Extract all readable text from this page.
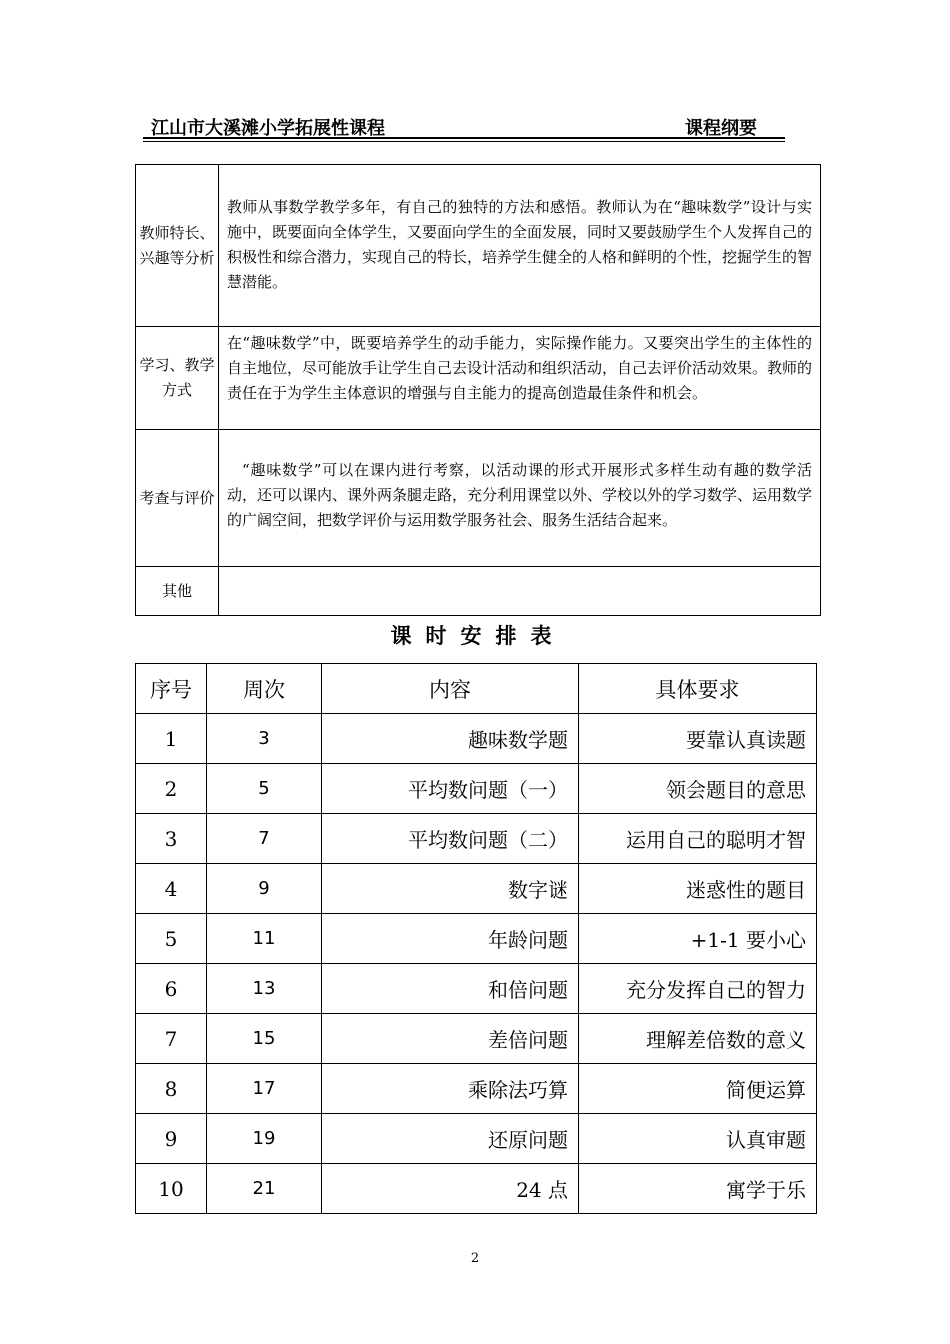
江山市大溪滩小学拓展性课程	课程纲要
教师特长、兴趣等分析	教师从事数学教学多年，有自己的独特的方法和感悟。教师认为在“趣味数学”设计与实施中，既要面向全体学生，又要面向学生的全面发展，同时又要鼓励学生个人发挥自己的积极性和综合潜力，实现自己的特长，培养学生健全的人格和鲜明的个性，挖掘学生的智慧潜能。
学习、教学方式	在“趣味数学”中，既要培养学生的动手能力，实际操作能力。又要突出学生的主体性的自主地位，尽可能放手让学生自己去设计活动和组织活动，自己去评价活动效果。教师的责任在于为学生主体意识的增强与自主能力的提高创造最佳条件和机会。
考查与评价	“趣味数学”可以在课内进行考察，以活动课的形式开展形式多样生动有趣的数学活动，还可以课内、课外两条腿走路，充分利用课堂以外、学校以外的学习数学、运用数学的广阔空间，把数学评价与运用数学服务社会、服务生活结合起来。
其他	
课时安排表
序号	周次	内容	具体要求
1	3	趣味数学题	要靠认真读题
2	5	平均数问题（一）	领会题目的意思
3	7	平均数问题（二）	运用自己的聪明才智
4	9	数字谜	迷惑性的题目
5	11	年龄问题	+1-1 要小心
6	13	和倍问题	充分发挥自己的智力
7	15	差倍问题	理解差倍数的意义
8	17	乘除法巧算	简便运算
9	19	还原问题	认真审题
10	21	24 点	寓学于乐
2
